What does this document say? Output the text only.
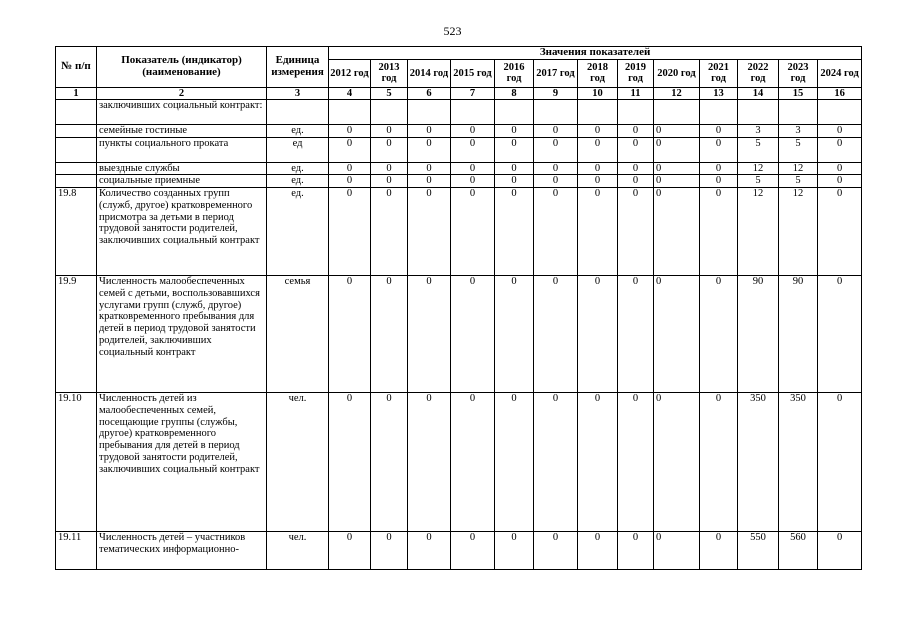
523
№ п/п	Показатель (индикатор) (наименование)	Единица измерения	Значения показателей												
			2012 год	2013 год	2014 год	2015 год	2016 год	2017 год	2018 год	2019 год	2020 год	2021 год	2022 год	2023 год	2024 год
1	2	3	4	5	6	7	8	9	10	11	12	13	14	15	16
	заключивших социальный контракт:														
	семейные гостиные	ед.	0	0	0	0	0	0	0	0	0	0	3	3	0
	пункты социального проката	ед	0	0	0	0	0	0	0	0	0	0	5	5	0
	выездные службы	ед.	0	0	0	0	0	0	0	0	0	0	12	12	0
	социальные приемные	ед.	0	0	0	0	0	0	0	0	0	0	5	5	0
19.8	Количество созданных групп (служб, другое) кратковременного присмотра за детьми в период трудовой занятости родителей, заключивших социальный контракт	ед.	0	0	0	0	0	0	0	0	0	0	12	12	0
19.9	Численность малообеспеченных семей с детьми, воспользовавшихся услугами групп (служб, другое) кратковременного пребывания для детей в период трудовой занятости родителей, заключивших социальный контракт	семья	0	0	0	0	0	0	0	0	0	0	90	90	0
19.10	Численность детей из малообеспеченных семей, посещающие группы (службы, другое) кратковременного пребывания для детей в период трудовой занятости родителей, заключивших социальный контракт	чел.	0	0	0	0	0	0	0	0	0	0	350	350	0
19.11	Численность детей – участников тематических информационно-	чел.	0	0	0	0	0	0	0	0	0	0	550	560	0
